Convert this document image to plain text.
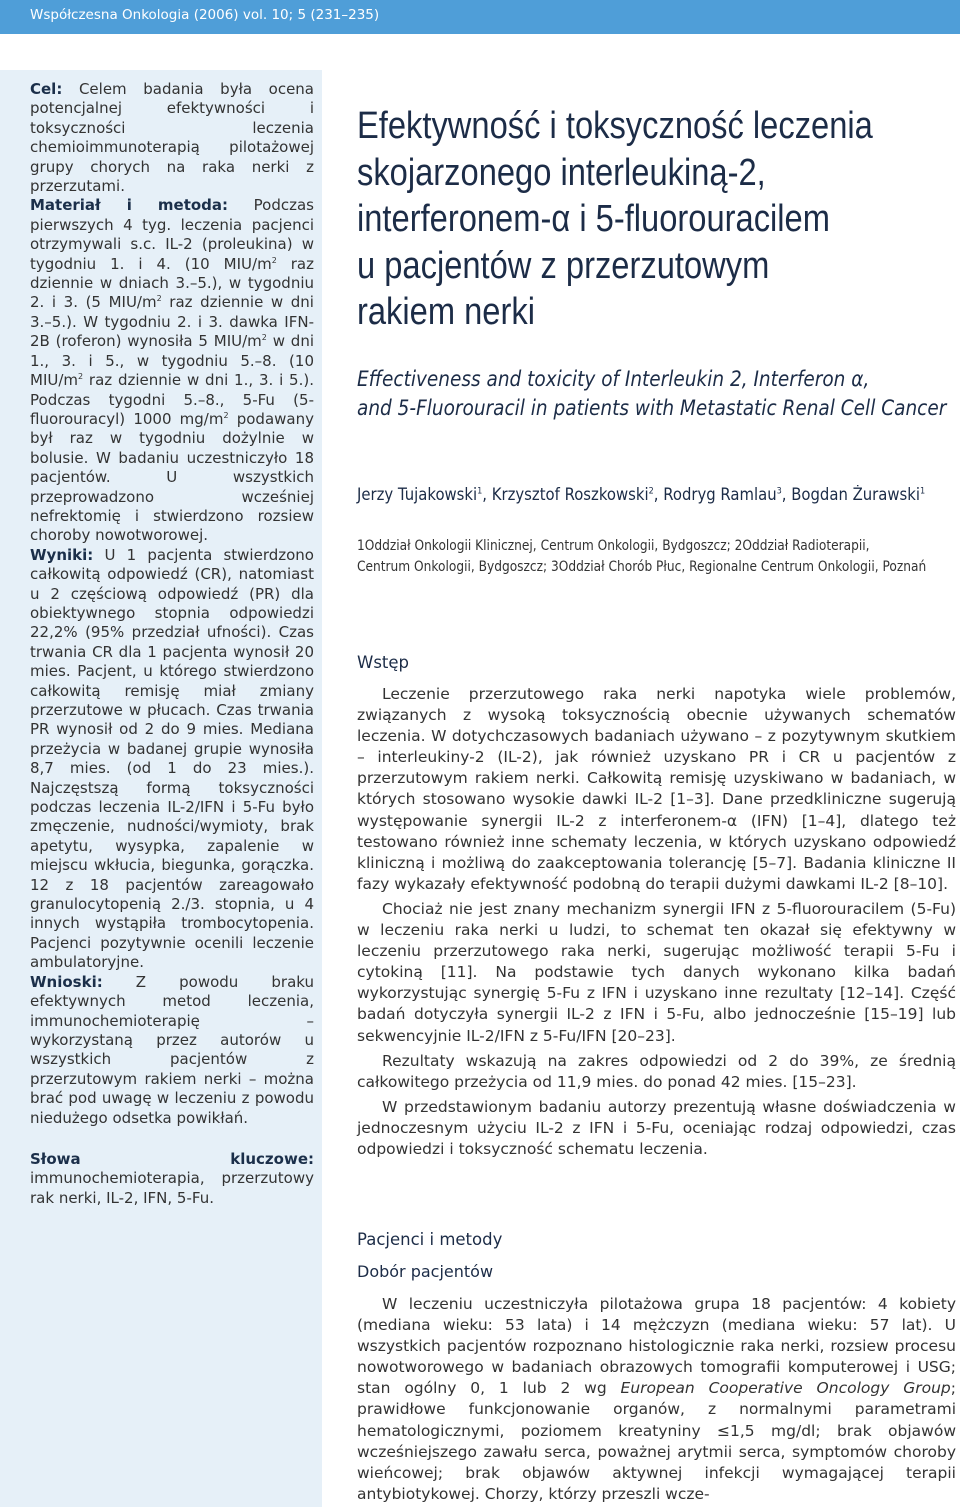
Współczesna Onkologia (2006) vol. 10; 5 (231–235)

Cel: Celem badania była ocena potencjalnej efektywności i toksyczności leczenia chemioimmunoterapią pilotażowej grupy chorych na raka nerki z przerzutami.

Materiał i metoda: Podczas pierwszych 4 tyg. leczenia pacjenci otrzymywali s.c. IL-2 (proleukina) w tygodniu 1. i 4. (10 MIU/$m^2$ raz dziennie w dniach 3.–5.), w tygodniu 2. i 3. (5 MIU/$m^2$ raz dziennie w dni 3.–5.). W tygodniu 2. i 3. dawka IFN-2B (roferon) wynosiła 5 MIU/$m^2$ w dni 1., 3. i 5., w tygodniu 5.–8. (10 MIU/$m^2$ raz dziennie w dni 1., 3. i 5.). Podczas tygodni 5.–8., 5-Fu (5-fluorouracyl) 1000 $mg/m^2$ podawany był raz w tygodniu dożylnie w bolusie. W badaniu uczestniczyło 18 pacjentów. U wszystkich przeprowadzono wcześniej nefrektomię i stwierdzono rozsiew choroby nowotworowej.

Wyniki: U 1 pacjenta stwierdzono całkowitą odpowiedź (CR), natomiast u 2 częściową odpowiedź (PR) dla obiektywnego stopnia odpowiedzi 22,2% (95% przedział ufności). Czas trwania CR dla 1 pacjenta wynosił 20 mies. Pacjent, u którego stwierdzono całkowitą remisję miał zmiany przerzutowe w płucach. Czas trwania PR wynosił od 2 do 9 mies. Mediana przeżycia w badanej grupie wynosiła 8,7 mies. (od 1 do 23 mies.). Najczęstszą formą toksyczności podczas leczenia IL-2/IFN i 5-Fu było zmęczenie, nudności/wymioty, brak apetytu, wysypka, zapalenie w miejscu wkłucia, biegunka, gorączka. 12 z 18 pacjentów zareagowało granulocytopenią 2./3. stopnia, u 4 innych wystąpiła trombocytopenia. Pacjenci pozytywnie ocenili leczenie ambulatoryjne.

Wnioski: Z powodu braku efektywnych metod leczenia, immunochemioterapię – wykorzystaną przez autorów u wszystkich pacjentów z przerzutowym rakiem nerki – można brać pod uwagę w leczeniu z powodu niedużego odsetka powikłań.

Słowa kluczowe: immunochemioterapia, przerzutowy rak nerki, IL-2, IFN, 5-Fu.

Efektywność i toksyczność leczenia
skojarzonego interleukiną-2,
interferonem-α i 5-fluorouracilem
u pacjentów z przerzutowym
rakiem nerki
Effectiveness and toxicity of Interleukin 2, Interferon α,
and 5-Fluorouracil in patients with Metastatic Renal Cell Cancer
Jerzy Tujakowski$^1$, Krzysztof Roszkowski$^2$, Rodryg Ramlau$^3$, Bogdan Żurawski$^1$
1Oddział Onkologii Klinicznej, Centrum Onkologii, Bydgoszcz; 2Oddział Radioterapii,
Centrum Onkologii, Bydgoszcz; 3Oddział Chorób Płuc, Regionalne Centrum Onkologii, Poznań
Wstęp

Leczenie przerzutowego raka nerki napotyka wiele problemów, związanych z wysoką toksycznością obecnie używanych schematów leczenia. W dotychczasowych badaniach używano – z pozytywnym skutkiem – interleukiny-2 (IL-2), jak również uzyskano PR i CR u pacjentów z przerzutowym rakiem nerki. Całkowitą remisję uzyskiwano w badaniach, w których stosowano wysokie dawki IL-2 [1–3]. Dane przedkliniczne sugerują występowanie synergii IL-2 z interferonem-α (IFN) [1–4], dlatego też testowano również inne schematy leczenia, w których uzyskano odpowiedź kliniczną i możliwą do zaakceptowania tolerancję [5–7]. Badania kliniczne II fazy wykazały efektywność podobną do terapii dużymi dawkami IL-2 [8–10].

Chociaż nie jest znany mechanizm synergii IFN z 5-fluorouracilem (5-Fu) w leczeniu raka nerki u ludzi, to schemat ten okazał się efektywny w leczeniu przerzutowego raka nerki, sugerując możliwość terapii 5-Fu i cytokiną [11]. Na podstawie tych danych wykonano kilka badań wykorzystując synergię 5-Fu z IFN i uzyskano inne rezultaty [12–14]. Część badań dotyczyła synergii IL-2 z IFN i 5-Fu, albo jednocześnie [15–19] lub sekwencyjnie IL-2/IFN z 5-Fu/IFN [20–23].

Rezultaty wskazują na zakres odpowiedzi od 2 do 39%, ze średnią całkowitego przeżycia od 11,9 mies. do ponad 42 mies. [15–23].

W przedstawionym badaniu autorzy prezentują własne doświadczenia w jednoczesnym użyciu IL-2 z IFN i 5-Fu, oceniając rodzaj odpowiedzi, czas odpowiedzi i toksyczność schematu leczenia.

Pacjenci i metody
Dobór pacjentów

W leczeniu uczestniczyła pilotażowa grupa 18 pacjentów: 4 kobiety (mediana wieku: 53 lata) i 14 mężczyzn (mediana wieku: 57 lat). U wszystkich pacjentów rozpoznano histologicznie raka nerki, rozsiew procesu nowotworowego w badaniach obrazowych tomografii komputerowej i USG; stan ogólny 0, 1 lub 2 wg European Cooperative Oncology Group; prawidłowe funkcjonowanie organów, z normalnymi parametrami hematologicznymi, poziomem kreatyniny ≤1,5 mg/dl; brak objawów wcześniejszego zawału serca, poważnej arytmii serca, symptomów choroby wieńcowej; brak objawów aktywnej infekcji wymagającej terapii antybiotykowej. Chorzy, którzy przeszli wcze-
